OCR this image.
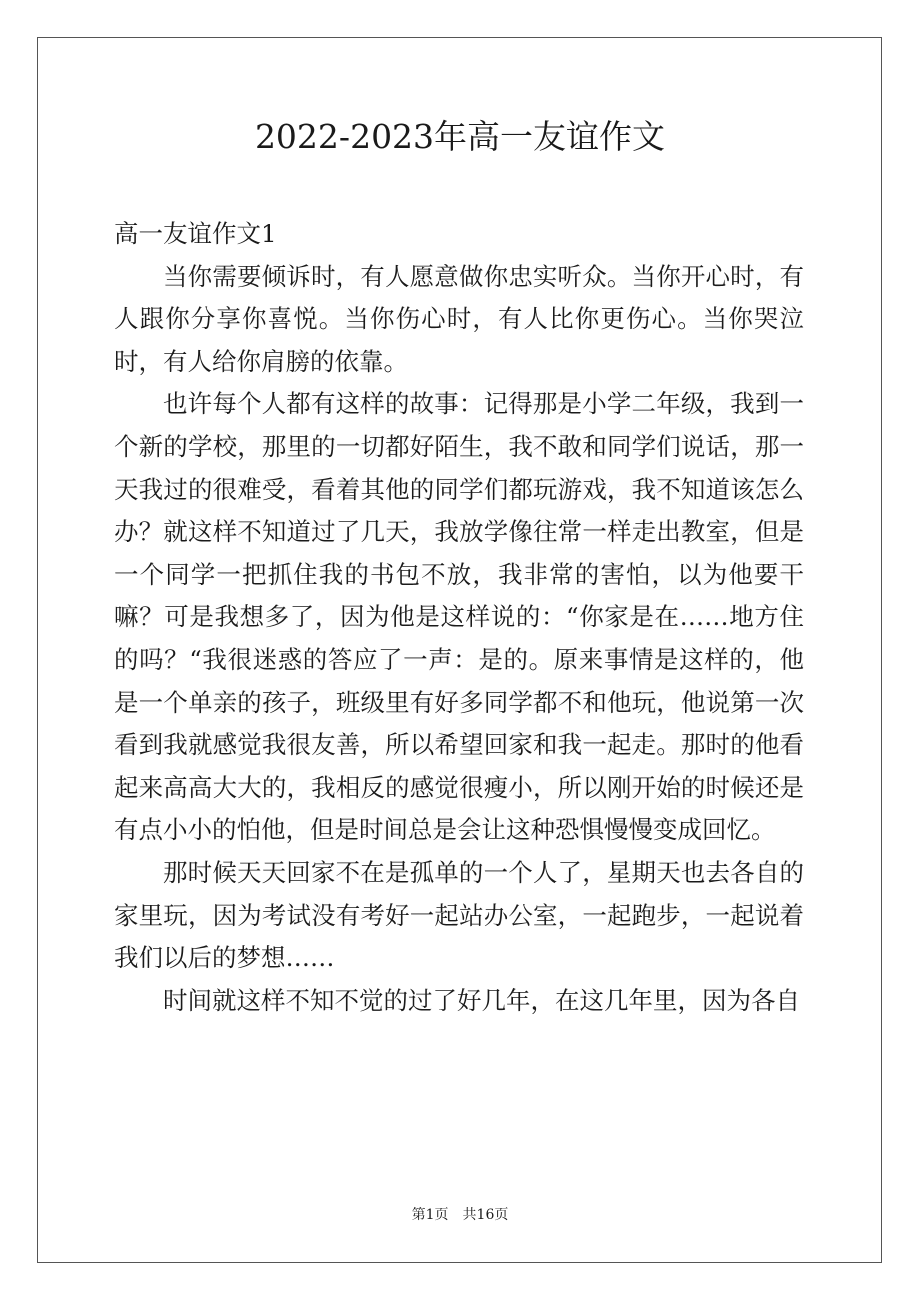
2022-2023年高一友谊作文

高一友谊作文1

当你需要倾诉时，有人愿意做你忠实听众。当你开心时，有人跟你分享你喜悦。当你伤心时，有人比你更伤心。当你哭泣时，有人给你肩膀的依靠。

也许每个人都有这样的故事：记得那是小学二年级，我到一个新的学校，那里的一切都好陌生，我不敢和同学们说话，那一天我过的很难受，看着其他的同学们都玩游戏，我不知道该怎么办？就这样不知道过了几天，我放学像往常一样走出教室，但是一个同学一把抓住我的书包不放，我非常的害怕，以为他要干嘛？可是我想多了，因为他是这样说的：“你家是在……地方住的吗？“我很迷惑的答应了一声：是的。原来事情是这样的，他是一个单亲的孩子，班级里有好多同学都不和他玩，他说第一次看到我就感觉我很友善，所以希望回家和我一起走。那时的他看起来高高大大的，我相反的感觉很瘦小，所以刚开始的时候还是有点小小的怕他，但是时间总是会让这种恐惧慢慢变成回忆。

那时候天天回家不在是孤单的一个人了，星期天也去各自的家里玩，因为考试没有考好一起站办公室，一起跑步，一起说着我们以后的梦想……

时间就这样不知不觉的过了好几年，在这几年里，因为各自

第1页　共16页
